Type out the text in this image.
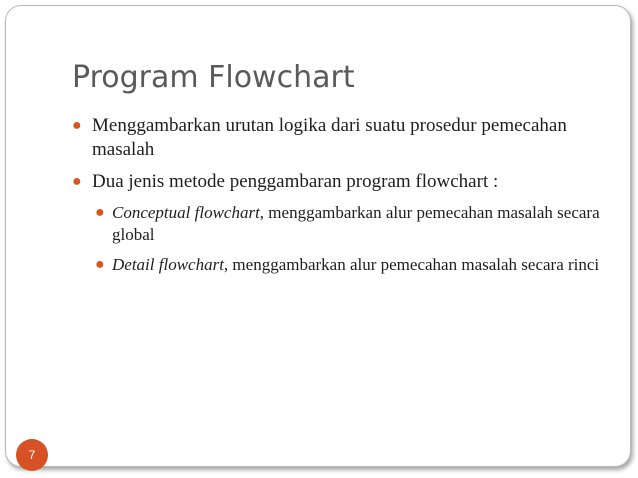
Program Flowchart
● Menggambarkan urutan logika dari suatu prosedur pemecahan masalah
● Dua jenis metode penggambaran program flowchart :
● Conceptual flowchart, menggambarkan alur pemecahan masalah secara global
● Detail flowchart, menggambarkan alur pemecahan masalah secara rinci
7
